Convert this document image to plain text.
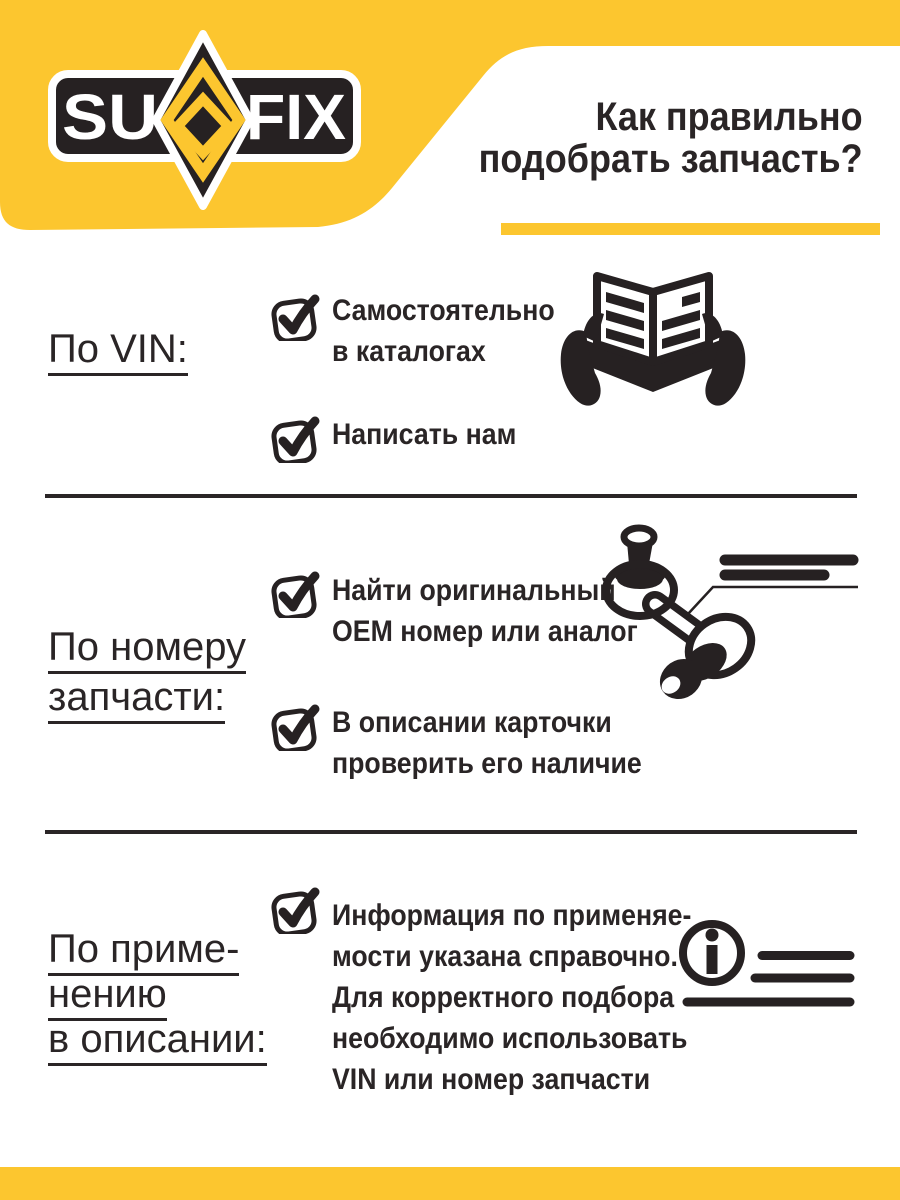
SU FIX	Как правильно
подобрать запчасть?
По VIN:
Самостоятельно
в каталогах
Написать нам
По номеру
запчасти:
Найти оригинальный
ОЕМ номер или аналог
В описании карточки
проверить его наличие
По приме-
нению
в описании:
Информация по применяе-
мости указана справочно.
Для корректного подбора
необходимо использовать
VIN или номер запчасти
